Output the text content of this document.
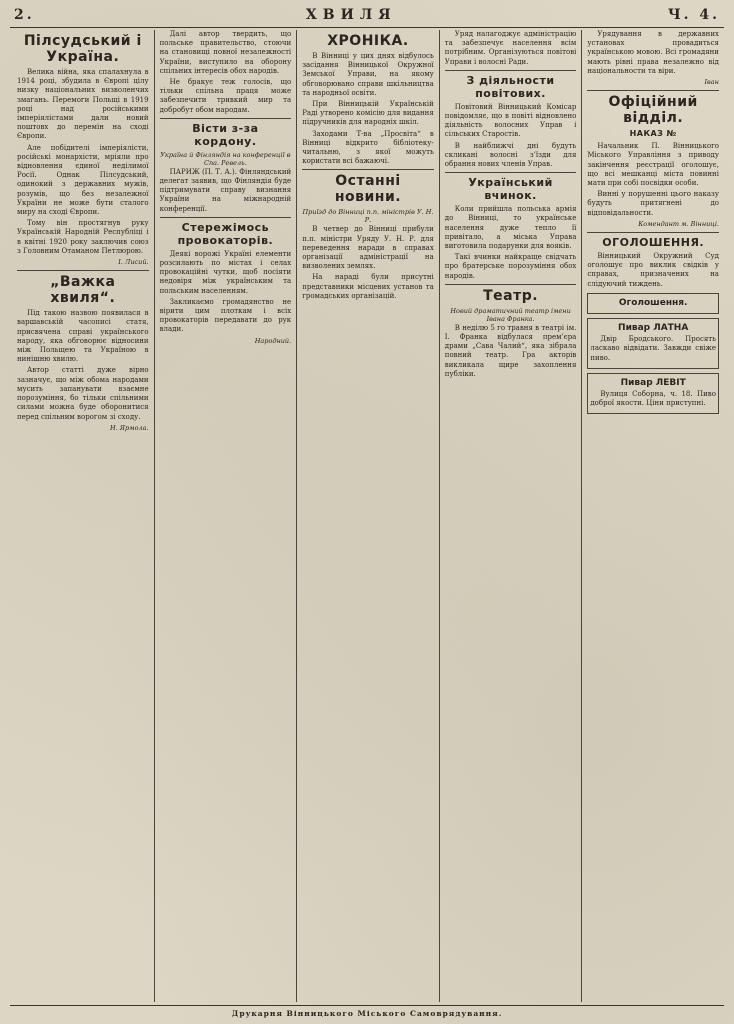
2.	ХВИЛЯ	Ч. 4.
Пілсудський і Україна.

Велика війна, яка спалахнула в 1914 році, збудила в Європі цілу низку національних визволенчих змагань. Перемоги Польщі в 1919 році над російськими імперіялістами дали новий поштовх до перемін на сході Європи.

Але побідителі імперіялісти, російські монархісти, мріяли про відновлення єдиної неділимої Росії. Однак Пілсудський, одинокий з державних мужів, розумів, що без незалежної України не може бути сталого миру на сході Європи.

Тому він простягнув руку Українській Народній Республіці і в квітні 1920 року заключив союз з Головним Отаманом Петлюрою.

І. Лисий.
„Важка хвиля“.

Під такою назвою появилася в варшавській часописі статя, присвячена справі українського народу, яка обговорює відносини між Польщею та Україною в нинішню хвилю.

Автор статті дуже вірно зазначує, що між обома народами мусить запанувати взаємне порозуміння, бо тільки спільними силами можна буде оборонитися перед спільним ворогом зі сходу.

Н. Ярмола.

Далі автор твердить, що польське правительство, стоючи на становищі повної незалежності України, виступило на оборону спільних інтересів обох народів.

Не бракує теж голосів, що тільки спільна праця може забезпечити тривкий мир та добробут обом народам.

Вісти з-за кордону.
Україна й Фінляндія на конференції в Спа. Ревель.

ПАРИЖ (П. Т. А.). Фінляндський делегат заявив, що Фінляндія буде підтримувати справу визнання України на міжнародній конференції.

Стережімось провокаторів.

Деякі ворожі Україні елементи розсилають по містах і селах провокаційні чутки, щоб посіяти недовіря між українським та польським населенням.

Закликаємо громадянство не вірити цим плоткам і всіх провокаторів передавати до рук влади.

Народний.
ХРОНІКА.

В Вінниці у цих днях відбулось засідання Вінницької Окружної Земської Управи, на якому обговорювано справи шкільництва та народньої освіти.

При Вінницькій Українській Раді утворено комісію для видання підручників для народніх шкіл.

Заходами Т-ва „Просвіта“ в Вінниці відкрито бібліотеку-читальню, з якої можуть користати всі бажаючі.

Останні новини.
Приїзд до Вінниці п.п. міністрів У. Н. Р.

В четвер до Вінниці прибули п.п. міністри Уряду У. Н. Р. для переведення наради в справах організації адміністрації на визволених землях.

На нараді були присутні представники місцевих установ та громадських організацій.

Уряд налагоджує адміністрацію та забезпечує населення всім потрібним. Організуються повітові Управи і волосні Ради.

З діяльности повітових.

Повітовий Вінницький Комісар повідомляє, що в повіті відновлено діяльність волосних Управ і сільських Старостів.

В найближчі дні будуть скликані волосні з’їзди для обрання нових членів Управ.

Український вчинок.

Коли прийшла польська армія до Вінниці, то українське населення дуже тепло її привітало, а міська Управа виготовила подарунки для вояків.

Такі вчинки найкраще свідчать про братерське порозуміння обох народів.

Театр.
Новий драматичний театр імени Івана Франка.

В неділю 5 го травня в театрі ім. І. Франка відбулася прем’єра драми „Сава Чалий“, яка зібрала повний театр. Гра акторів викликала щире захоплення публіки.

Урядування в державних установах провадиться українською мовою. Всі громадяни мають рівні права незалежно від національности та віри.

Іван
Офіційний відділ.
НАКАЗ №

Начальник П. Вінницького Міського Управління з приводу закінчення реєстрації оголошує, що всі мешканці міста повинні мати при собі посвідки особи.

Винні у порушенні цього наказу будуть притягнені до відповідальности.

Комендант м. Вінниці.
ОГОЛОШЕННЯ.

Вінницький Окружний Суд оголошує про виклик свідків у справах, призначених на слідуючий тиждень.

Оголошення.
Пивар ЛАТНА

Двір Бродського. Просять ласкаво відвідати. Завжди свіже пиво.

Пивар ЛЕВІТ

Вулиця Соборна, ч. 18. Пиво доброї якости. Ціни приступні.

Друкарня Вінницького Міського Самоврядування.
